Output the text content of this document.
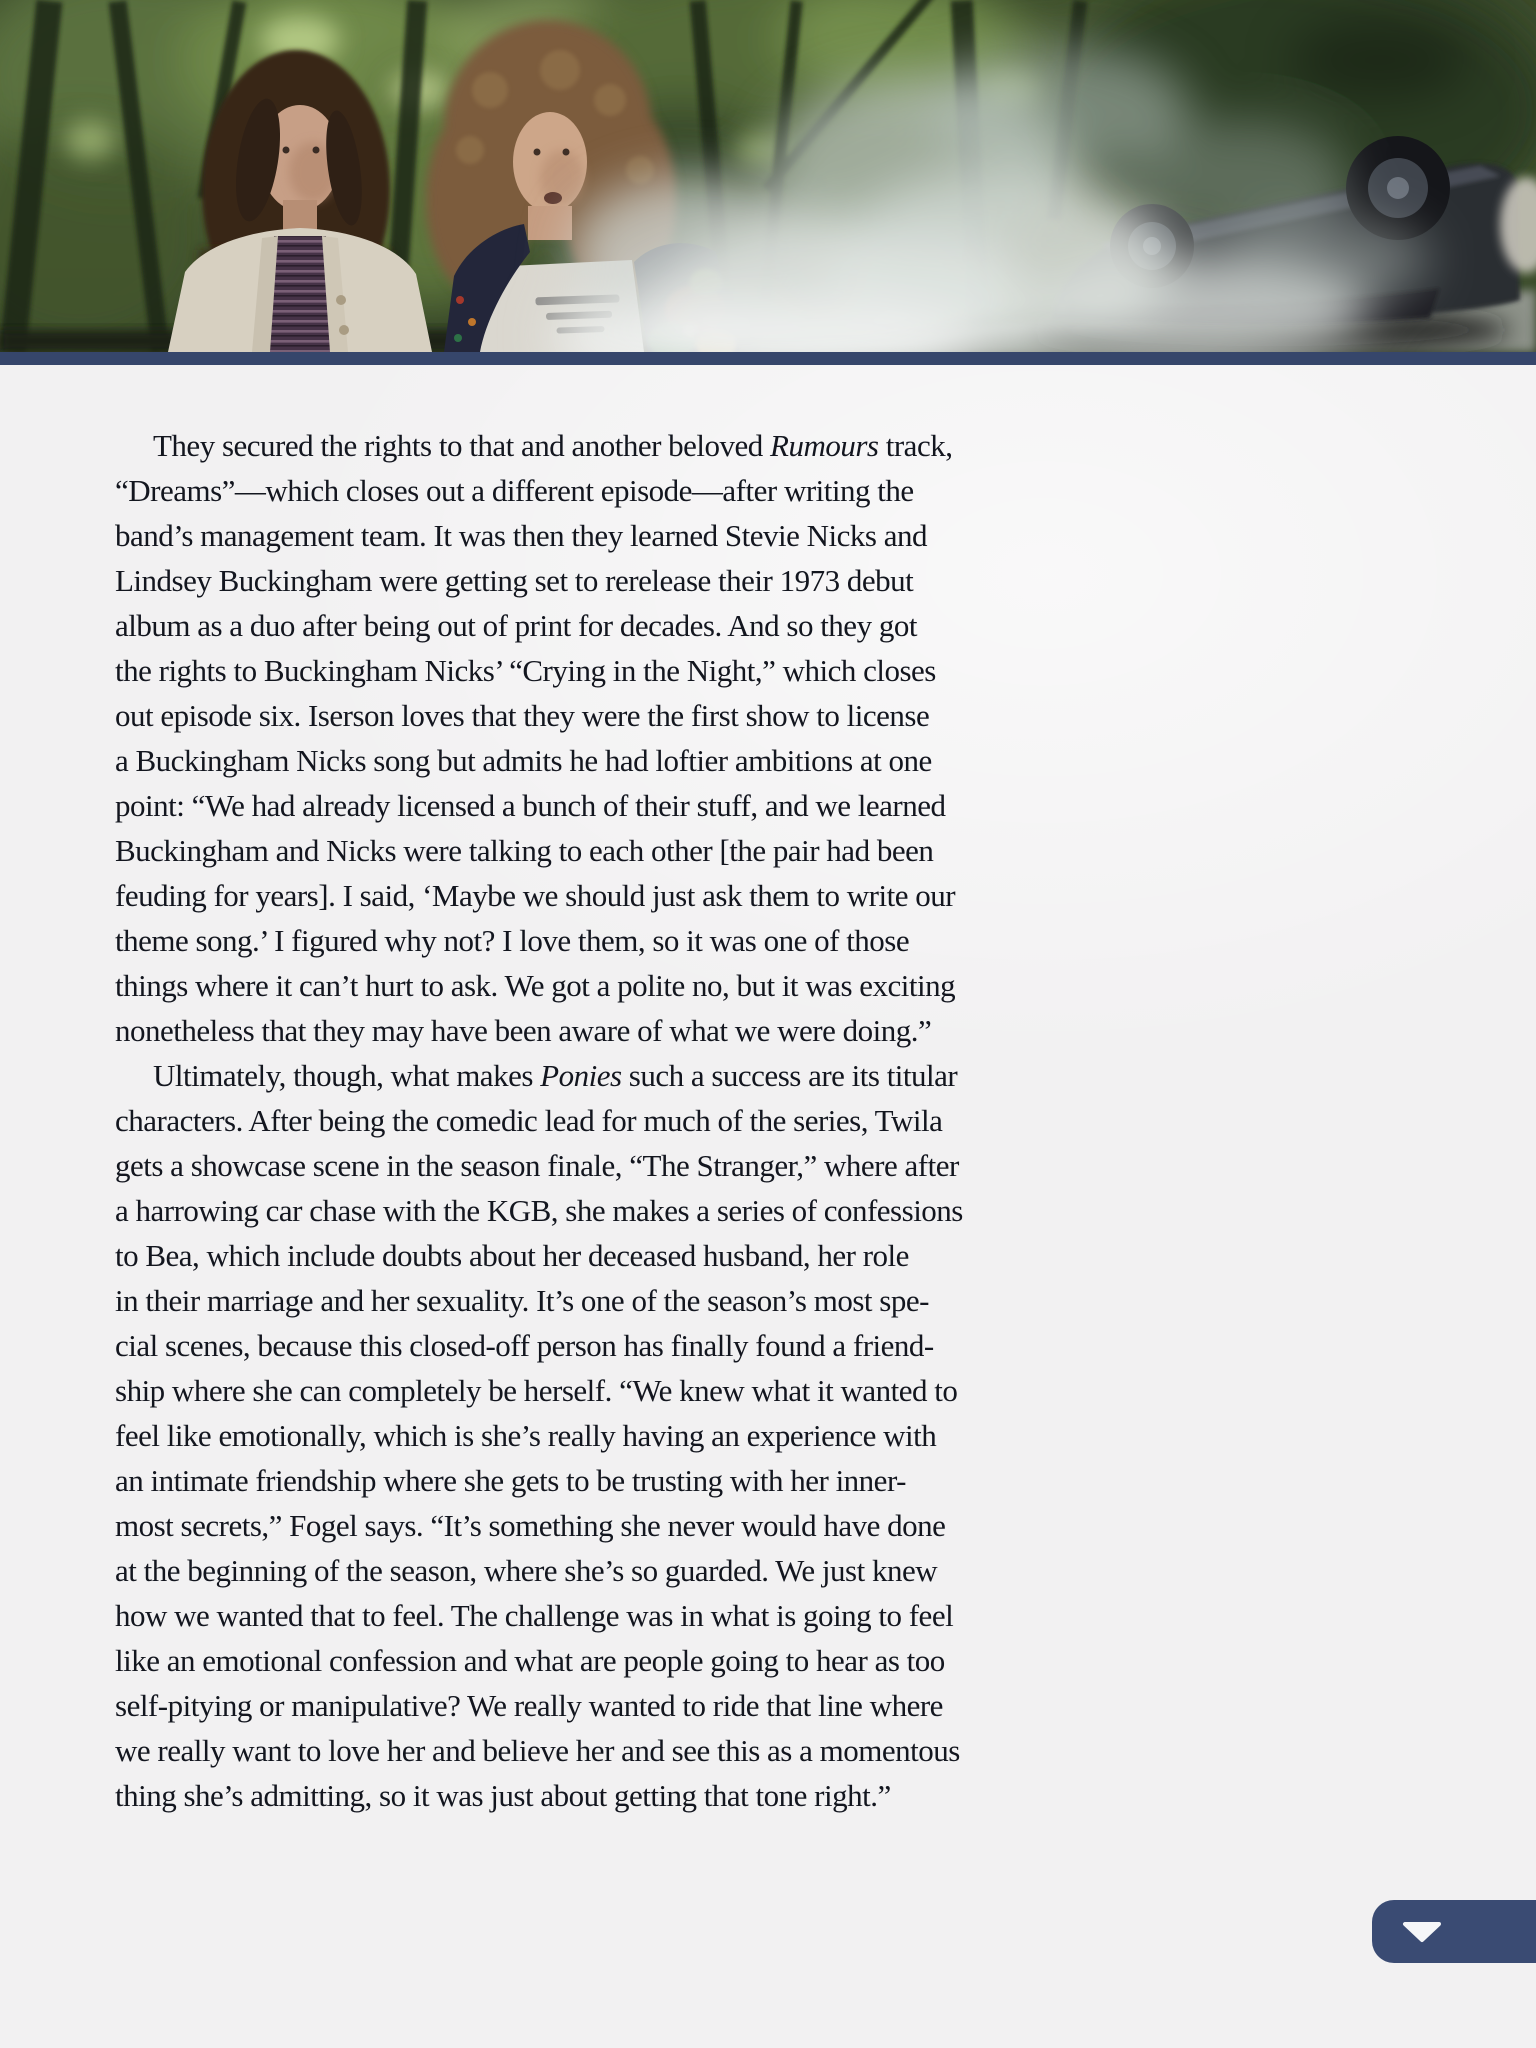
They secured the rights to that and another beloved Rumours track,
“Dreams”—which closes out a different episode—after writing the
band’s management team. It was then they learned Stevie Nicks and
Lindsey Buckingham were getting set to rerelease their 1973 debut
album as a duo after being out of print for decades. And so they got
the rights to Buckingham Nicks’ “Crying in the Night,” which closes
out episode six. Iserson loves that they were the first show to license
a Buckingham Nicks song but admits he had loftier ambitions at one
point: “We had already licensed a bunch of their stuff, and we learned
Buckingham and Nicks were talking to each other [the pair had been
feuding for years]. I said, ‘Maybe we should just ask them to write our
theme song.’ I figured why not? I love them, so it was one of those
things where it can’t hurt to ask. We got a polite no, but it was exciting
nonetheless that they may have been aware of what we were doing.”
Ultimately, though, what makes Ponies such a success are its titular
characters. After being the comedic lead for much of the series, Twila
gets a showcase scene in the season finale, “The Stranger,” where after
a harrowing car chase with the KGB, she makes a series of confessions
to Bea, which include doubts about her deceased husband, her role
in their marriage and her sexuality. It’s one of the season’s most spe-
cial scenes, because this closed-off person has finally found a friend-
ship where she can completely be herself. “We knew what it wanted to
feel like emotionally, which is she’s really having an experience with
an intimate friendship where she gets to be trusting with her inner-
most secrets,” Fogel says. “It’s something she never would have done
at the beginning of the season, where she’s so guarded. We just knew
how we wanted that to feel. The challenge was in what is going to feel
like an emotional confession and what are people going to hear as too
self-pitying or manipulative? We really wanted to ride that line where
we really want to love her and believe her and see this as a momentous
thing she’s admitting, so it was just about getting that tone right.”
